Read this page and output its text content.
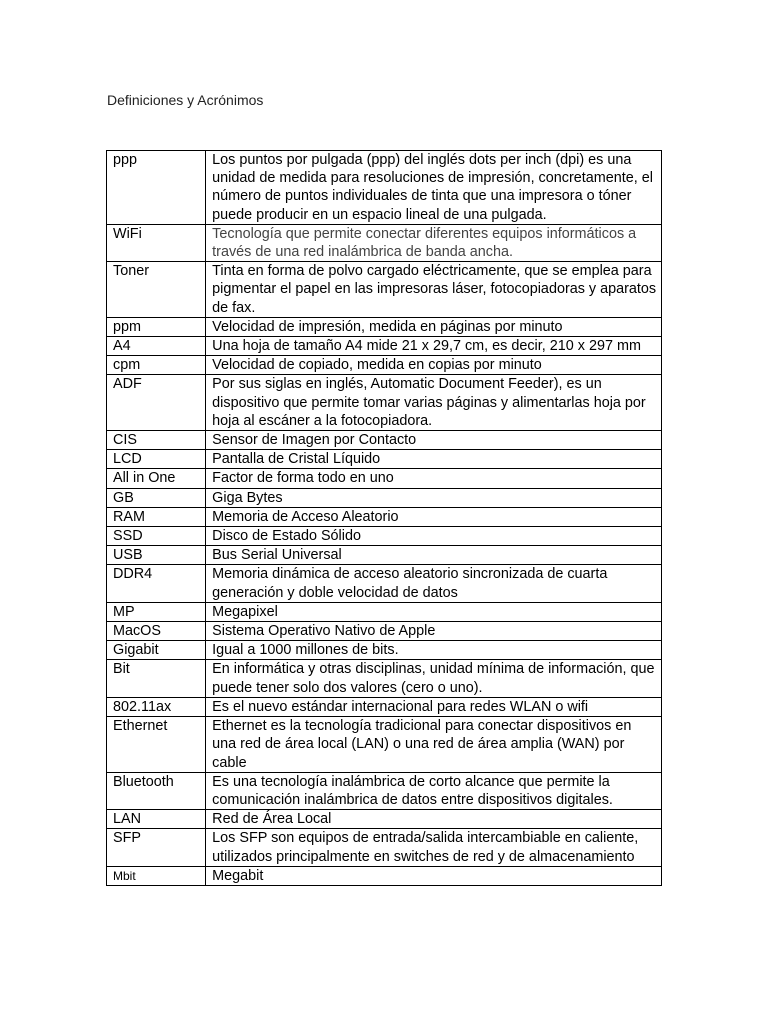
Definiciones y Acrónimos
ppp	Los puntos por pulgada (ppp) del inglés dots per inch (dpi) es una unidad de medida para resoluciones de impresión, concretamente, el número de puntos individuales de tinta que una impresora o tóner puede producir en un espacio lineal de una pulgada.
WiFi	Tecnología que permite conectar diferentes equipos informáticos a través de una red inalámbrica de banda ancha.
Toner	Tinta en forma de polvo cargado eléctricamente, que se emplea para pigmentar el papel en las impresoras láser, fotocopiadoras y aparatos de fax.
ppm	Velocidad de impresión, medida en páginas por minuto
A4	Una hoja de tamaño A4 mide 21 x 29,7 cm, es decir, 210 x 297 mm
cpm	Velocidad de copiado, medida en copias por minuto
ADF	Por sus siglas en inglés, Automatic Document Feeder), es un dispositivo que permite tomar varias páginas y alimentarlas hoja por hoja al escáner a la fotocopiadora.
CIS	Sensor de Imagen por Contacto
LCD	Pantalla de Cristal Líquido
All in One	Factor de forma todo en uno
GB	Giga Bytes
RAM	Memoria de Acceso Aleatorio
SSD	Disco de Estado Sólido
USB	Bus Serial Universal
DDR4	Memoria dinámica de acceso aleatorio sincronizada de cuarta generación y doble velocidad de datos
MP	Megapixel
MacOS	Sistema Operativo Nativo de Apple
Gigabit	Igual a 1000 millones de bits.
Bit	En informática y otras disciplinas, unidad mínima de información, que puede tener solo dos valores (cero o uno).
802.11ax	Es el nuevo estándar internacional para redes WLAN o wifi
Ethernet	Ethernet es la tecnología tradicional para conectar dispositivos en una red de área local (LAN) o una red de área amplia (WAN) por cable
Bluetooth	Es una tecnología inalámbrica de corto alcance que permite la comunicación inalámbrica de datos entre dispositivos digitales.
LAN	Red de Área Local
SFP	Los SFP son equipos de entrada/salida intercambiable en caliente, utilizados principalmente en switches de red y de almacenamiento
Mbit	Megabit
